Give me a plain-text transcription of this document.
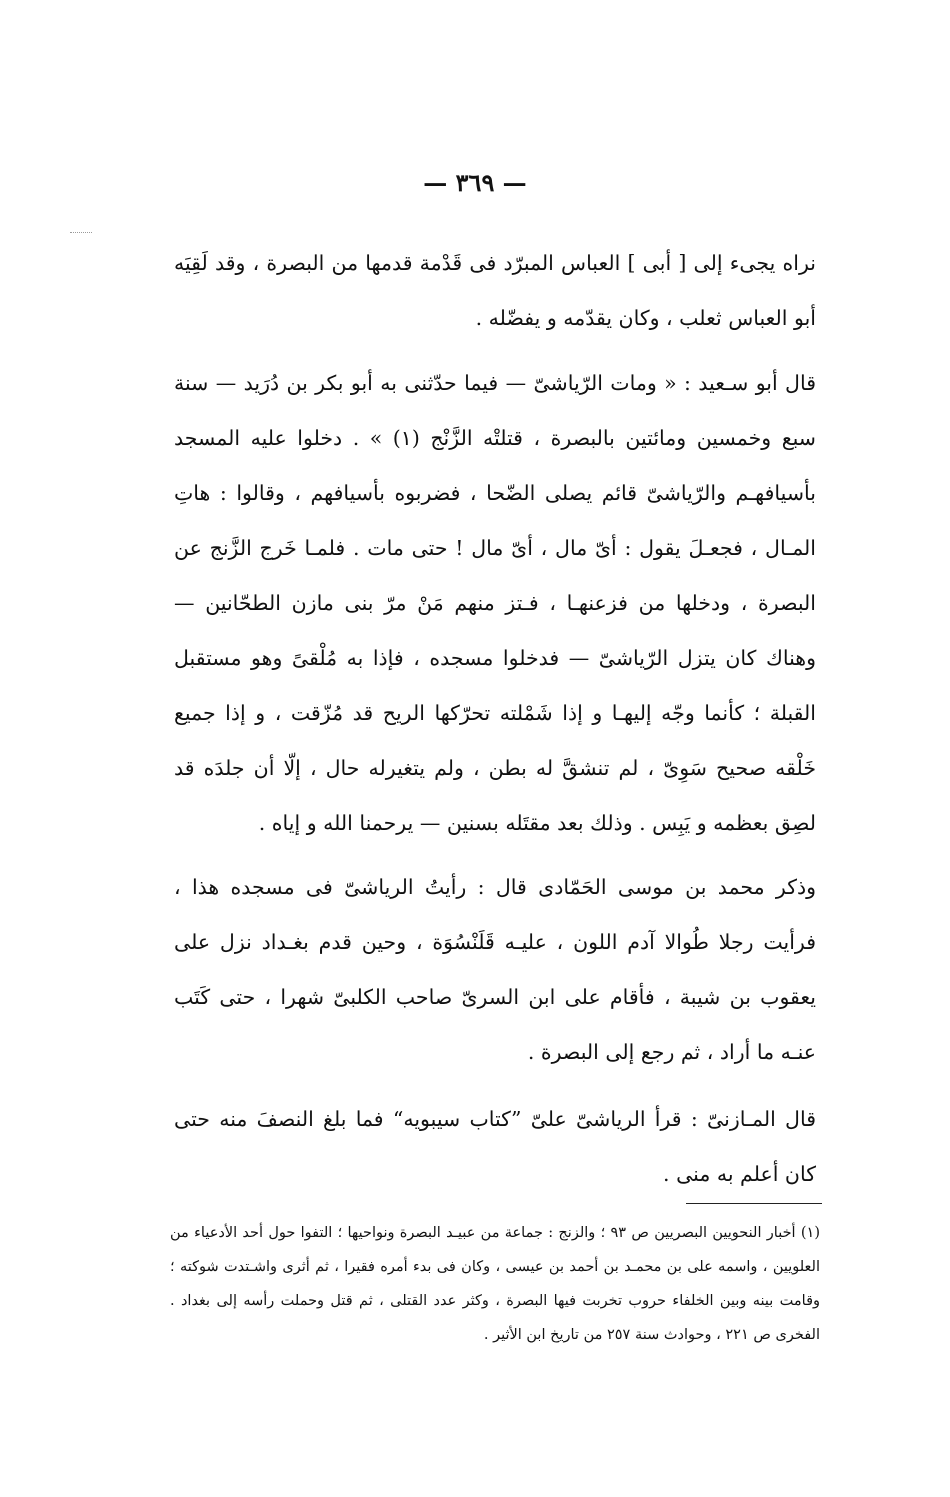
— ٣٦٩ —

نراه يجىء إلى [ أبى ] العباس المبرّد فى قَدْمة قدمها من البصرة ، وقد لَقِيَه أبو العباس ثعلب ، وكان يقدّمه و يفضّله .

قال أبو سـعيد : « ومات الرّياشىّ — فيما حدّثنى به أبو بكر بن دُرَيد — سنة سبع وخمسين ومائتين بالبصرة ، قتلتْه الزَّنْج (١) » . دخلوا عليه المسجد بأسيافهـم والرّياشىّ قائم يصلى الضّحا ، فضربوه بأسيافهم ، وقالوا : هاتِ المـال ، فجعـلَ يقول : أىّ مال ، أىّ مال ! حتى مات . فلمـا خَرج الزَّنج عن البصرة ، ودخلها من فزعنهـا ، فـتز منهم مَنْ مرّ بنى مازن الطحّانين — وهناك كان يتزل الرّياشىّ — فدخلوا مسجده ، فإذا به مُلْقىً وهو مستقبل القبلة ؛ كأنما وجّه إليهـا و إذا شَمْلته تحرّكها الريح قد مُزّقت ، و إذا جميع خَلْقه صحيح سَوِىّ ، لم تنشقَّ له بطن ، ولم يتغيرله حال ، إلّا أن جلدَه قد لصِق بعظمه و يَبِس . وذلك بعد مقتَله بسنين — يرحمنا الله و إياه .

وذكر محمد بن موسى الحَمّادى قال : رأيتُ الرياشىّ فى مسجده هذا ، فرأيت رجلا طُوالا آدم اللون ، عليـه قَلَنْسُوَة ، وحين قدم بغـداد نزل على يعقوب بن شيبة ، فأقام على ابن السرىّ صاحب الكلبىّ شهرا ، حتى كَتَب عنـه ما أراد ، ثم رجع إلى البصرة .

قال المـازنىّ : قرأ الرياشىّ علىّ ”كتاب سيبويه“ فما بلغ النصفَ منه حتى كان أعلم به منى .

(١) أخبار النحويين البصريين ص ٩٣ ؛ والزنج : جماعة من عبيـد البصرة ونواحيها ؛ التفوا حول أحد الأدعياء من العلويين ، واسمه على بن محمـد بن أحمد بن عيسى ، وكان فى بدء أمره فقيرا ، ثم أثرى واشـتدت شوكته ؛ وقامت بينه وبين الخلفاء حروب تخربت فيها البصرة ، وكثر عدد القتلى ، ثم قتل وحملت رأسه إلى بغداد . الفخرى ص ٢٢١ ، وحوادث سنة ٢٥٧ من تاريخ ابن الأثير .
